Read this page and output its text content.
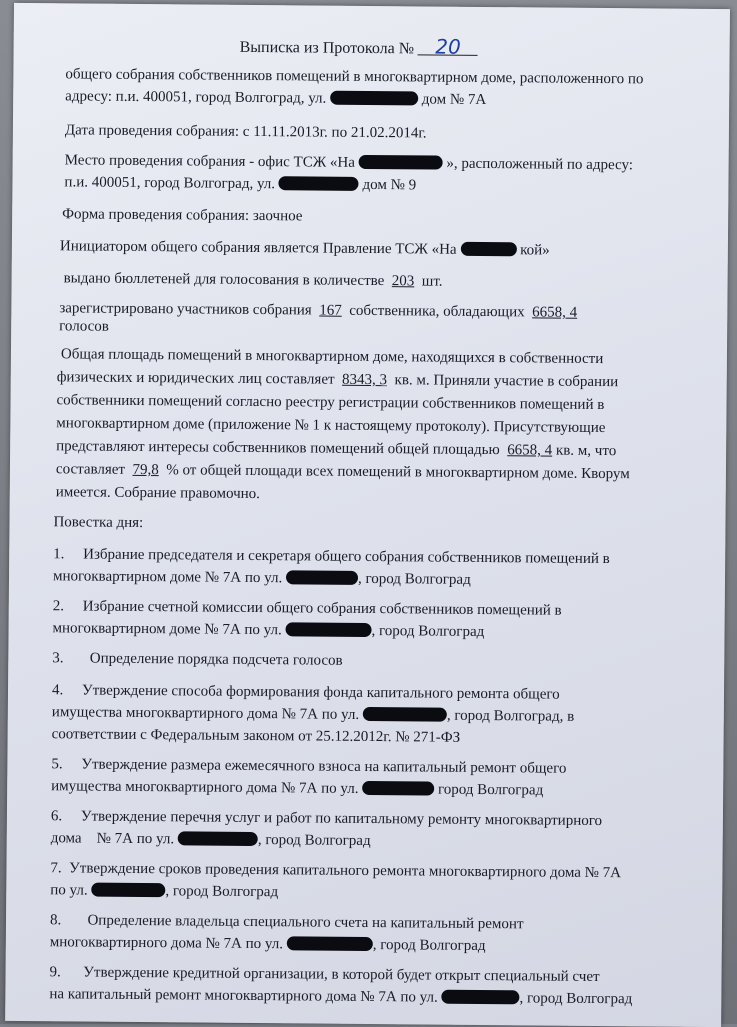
Выписка из Протокола № 20
общего собрания собственников помещений в многоквартирном доме, расположенного по
адресу: п.и. 400051, город Волгоград, ул.	дом № 7А
Дата проведения собрания: с 11.11.2013г. по 21.02.2014г.
Место проведения собрания - офис ТСЖ «На	», расположенный по адресу:
п.и. 400051, город Волгоград, ул.	дом № 9
Форма проведения собрания: заочное
Инициатором общего собрания является Правление ТСЖ «На	кой»
выдано бюллетеней для голосования в количестве 203 шт.
зарегистрировано участников собрания 167 собственника, обладающих 6658, 4
голосов
Общая площадь помещений в многоквартирном доме, находящихся в собственности
физических и юридических лиц составляет 8343, 3 кв. м. Приняли участие в собрании
собственники помещений согласно реестру регистрации собственников помещений в
многоквартирном доме (приложение № 1 к настоящему протоколу). Присутствующие
представляют интересы собственников помещений общей площадью 6658, 4 кв. м, что
составляет 79,8 % от общей площади всех помещений в многоквартирном доме. Кворум
имеется. Собрание правомочно.
Повестка дня:
1. Избрание председателя и секретаря общего собрания собственников помещений в
многоквартирном доме № 7А по ул.	, город Волгоград
2. Избрание счетной комиссии общего собрания собственников помещений в
многоквартирном доме № 7А по ул.	, город Волгоград
3. Определение порядка подсчета голосов
4. Утверждение способа формирования фонда капитального ремонта общего
имущества многоквартирного дома № 7А по ул.	, город Волгоград, в
соответствии с Федеральным законом от 25.12.2012г. № 271-ФЗ
5. Утверждение размера ежемесячного взноса на капитальный ремонт общего
имущества многоквартирного дома № 7А по ул.	город Волгоград
6. Утверждение перечня услуг и работ по капитальному ремонту многоквартирного
дома № 7А по ул.	, город Волгоград
7. Утверждение сроков проведения капитального ремонта многоквартирного дома № 7А
по ул.	, город Волгоград
8. Определение владельца специального счета на капитальный ремонт
многоквартирного дома № 7А по ул.	, город Волгоград
9. Утверждение кредитной организации, в которой будет открыт специальный счет
на капитальный ремонт многоквартирного дома № 7А по ул.	, город Волгоград
